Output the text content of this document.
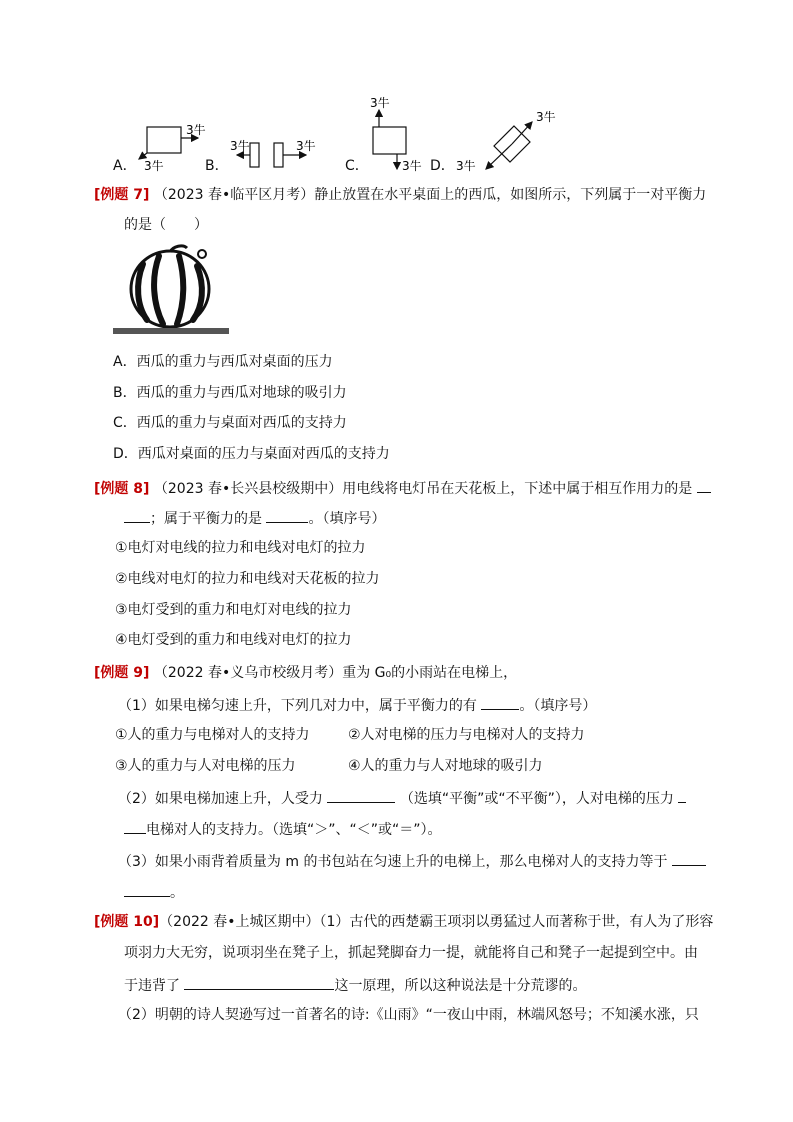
3牛
3牛
3牛	3牛
3牛
3牛
3牛
3牛
A．	B．	C．	D．
[例题 7] （2023 春•临平区月考）静止放置在水平桌面上的西瓜，如图所示，下列属于一对平衡力
的是（　　）
A．西瓜的重力与西瓜对桌面的压力
B．西瓜的重力与西瓜对地球的吸引力
C．西瓜的重力与桌面对西瓜的支持力
D．西瓜对桌面的压力与桌面对西瓜的支持力
[例题 8] （2023 春•长兴县校级期中）用电线将电灯吊在天花板上，下述中属于相互作用力的是
；属于平衡力的是	。（填序号）
①电灯对电线的拉力和电线对电灯的拉力
②电线对电灯的拉力和电线对天花板的拉力
③电灯受到的重力和电灯对电线的拉力
④电灯受到的重力和电线对电灯的拉力
[例题 9] （2022 春•义乌市校级月考）重为 G₀的小雨站在电梯上，
（1）如果电梯匀速上升，下列几对力中，属于平衡力的有	。（填序号）
①人的重力与电梯对人的支持力	②人对电梯的压力与电梯对人的支持力
③人的重力与人对电梯的压力	④人的重力与人对地球的吸引力
（2）如果电梯加速上升，人受力	（选填“平衡”或“不平衡”），人对电梯的压力
电梯对人的支持力。（选填“＞”、“＜”或“＝”）。
（3）如果小雨背着质量为 m 的书包站在匀速上升的电梯上，那么电梯对人的支持力等于
。
[例题 10]（2022 春•上城区期中）（1）古代的西楚霸王项羽以勇猛过人而著称于世，有人为了形容
项羽力大无穷，说项羽坐在凳子上，抓起凳脚奋力一提，就能将自己和凳子一起提到空中。由
于违背了	这一原理，所以这种说法是十分荒谬的。
（2）明朝的诗人契逊写过一首著名的诗:《山雨》“一夜山中雨，林端风怒号；不知溪水涨，只
